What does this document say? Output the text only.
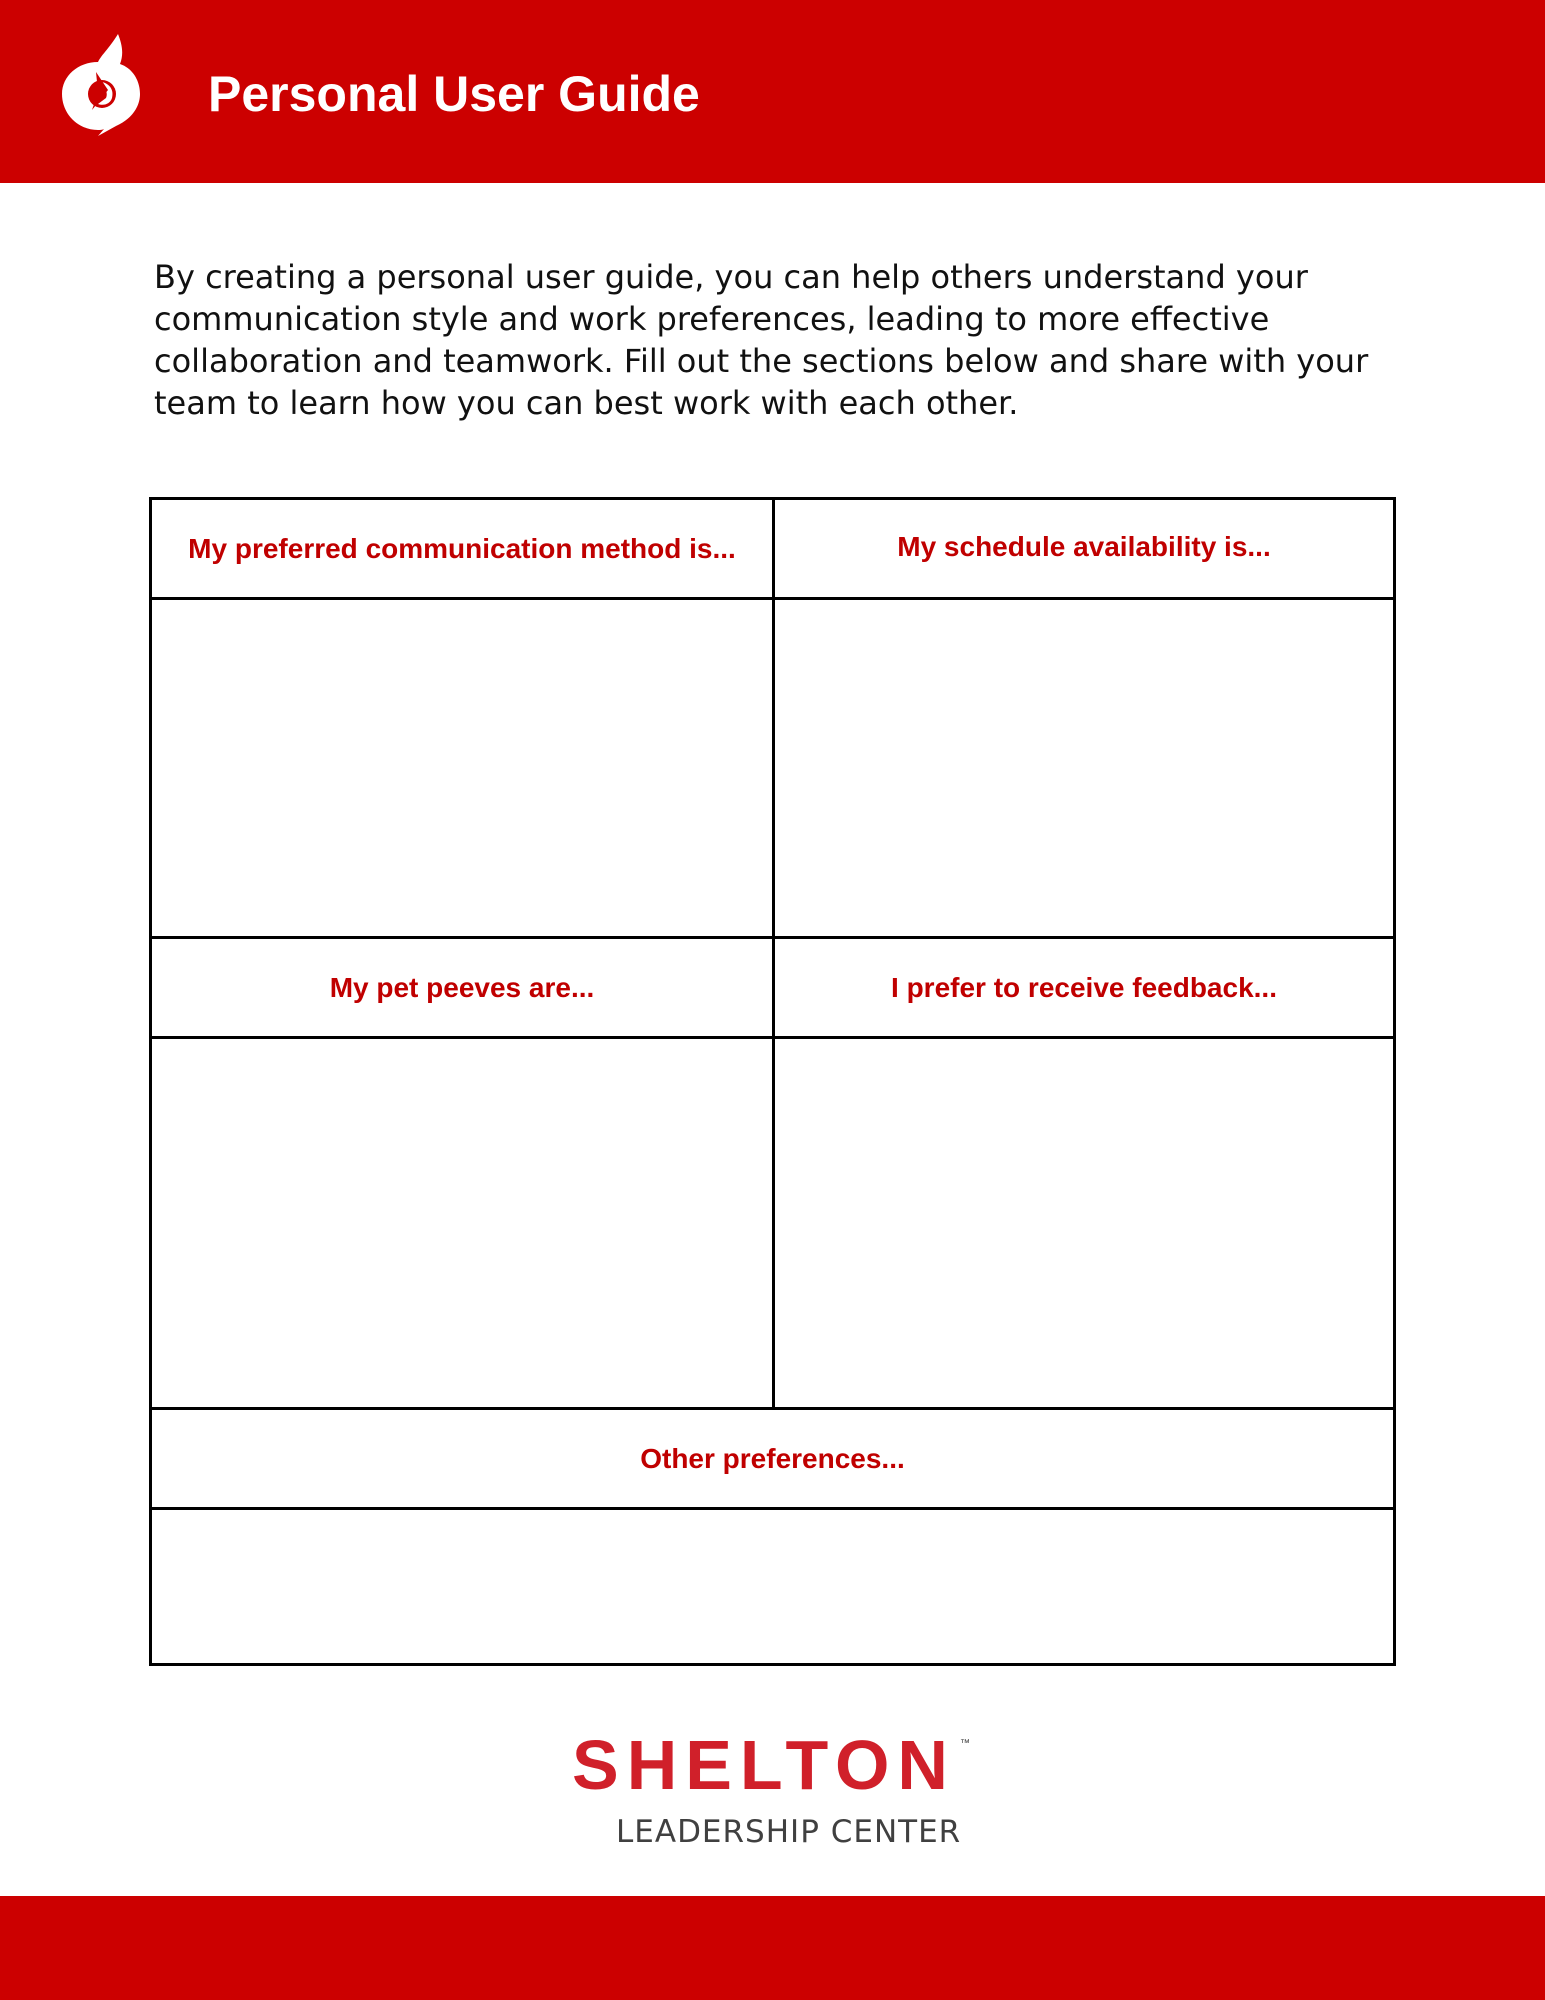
Personal User Guide

By creating a personal user guide, you can help others understand your communication style and work preferences, leading to more effective collaboration and teamwork. Fill out the sections below and share with your team to learn how you can best work with each other.

My preferred communication method is...	My schedule availability is...
My pet peeves are...	I prefer to receive feedback...
Other preferences...
SHELTON ™
LEADERSHIP CENTER
